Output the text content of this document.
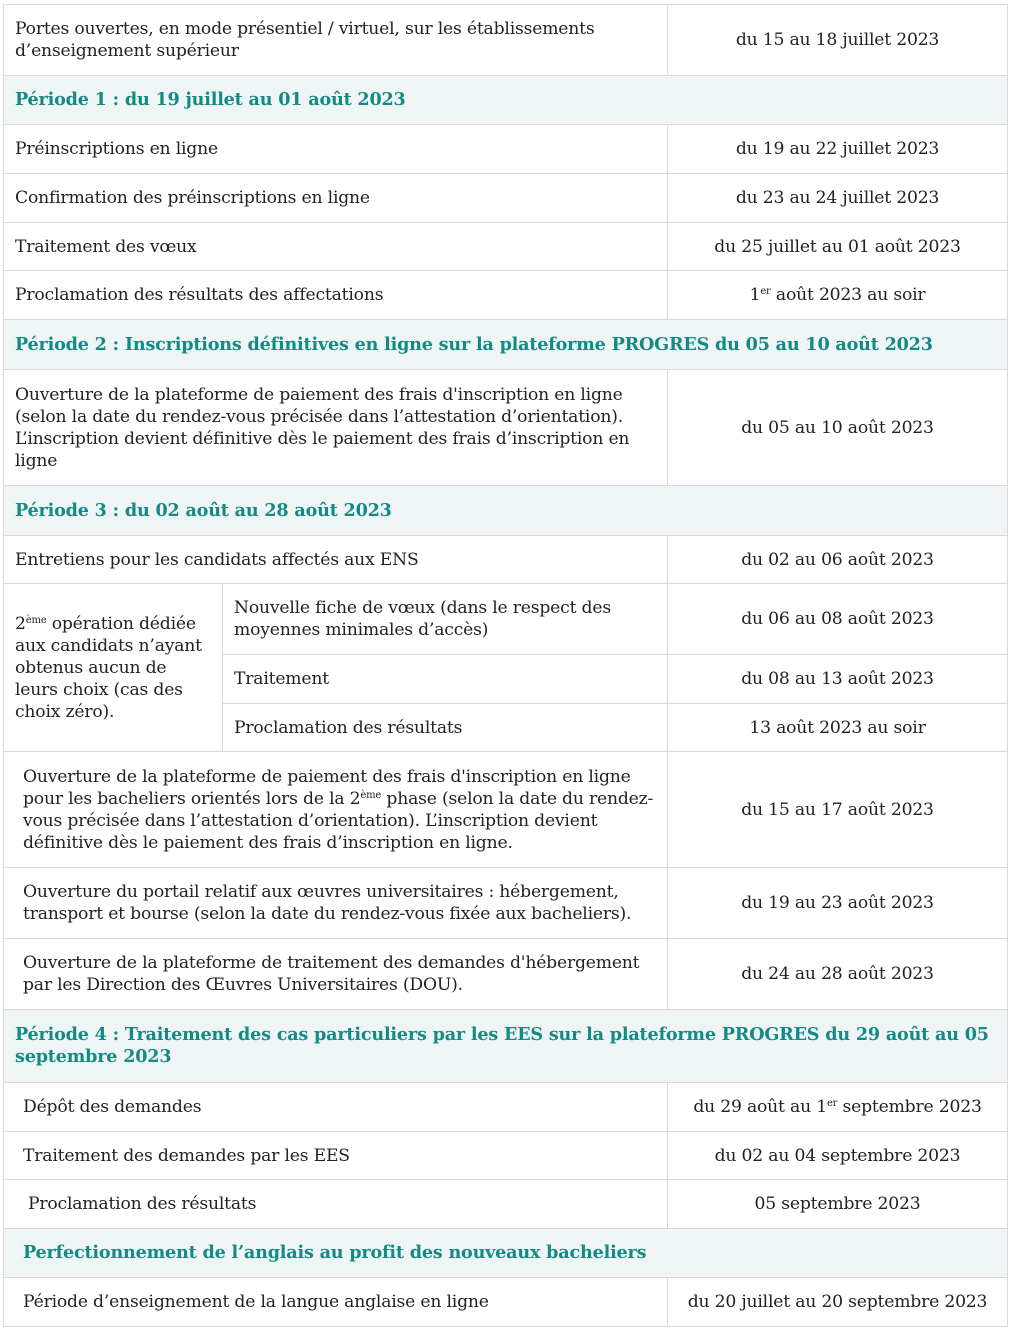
Portes ouvertes, en mode présentiel / virtuel, sur les établissements d’enseignement supérieur		du 15 au 18 juillet 2023
Période 1 : du 19 juillet au 01 août 2023		
Préinscriptions en ligne		du 19 au 22 juillet 2023
Confirmation des préinscriptions en ligne		du 23 au 24 juillet 2023
Traitement des vœux		du 25 juillet au 01 août 2023
Proclamation des résultats des affectations		1er août 2023 au soir
Période 2 : Inscriptions définitives en ligne sur la plateforme PROGRES du 05 au 10 août 2023		
Ouverture de la plateforme de paiement des frais d'inscription en ligne (selon la date du rendez-vous précisée dans l’attestation d’orientation). L’inscription devient définitive dès le paiement des frais d’inscription en ligne		du 05 au 10 août 2023
Période 3 : du 02 août au 28 août 2023		
Entretiens pour les candidats affectés aux ENS		du 02 au 06 août 2023
2ème opération dédiée aux candidats n’ayant obtenus aucun de leurs choix (cas des choix zéro).	Nouvelle fiche de vœux (dans le respect des moyennes minimales d’accès)	du 06 au 08 août 2023
	Traitement	du 08 au 13 août 2023
	Proclamation des résultats	13 août 2023 au soir
Ouverture de la plateforme de paiement des frais d'inscription en ligne pour les bacheliers orientés lors de la 2ème phase (selon la date du rendez-vous précisée dans l’attestation d’orientation). L’inscription devient définitive dès le paiement des frais d’inscription en ligne.		du 15 au 17 août 2023
Ouverture du portail relatif aux œuvres universitaires : hébergement, transport et bourse (selon la date du rendez-vous fixée aux bacheliers).		du 19 au 23 août 2023
Ouverture de la plateforme de traitement des demandes d'hébergement par les Direction des Œuvres Universitaires (DOU).		du 24 au 28 août 2023
Période 4 : Traitement des cas particuliers par les EES sur la plateforme PROGRES du 29 août au 05 septembre 2023		
Dépôt des demandes		du 29 août au 1er septembre 2023
Traitement des demandes par les EES		du 02 au 04 septembre 2023
Proclamation des résultats		05 septembre 2023
Perfectionnement de l’anglais au profit des nouveaux bacheliers		
Période d’enseignement de la langue anglaise en ligne		du 20 juillet au 20 septembre 2023
